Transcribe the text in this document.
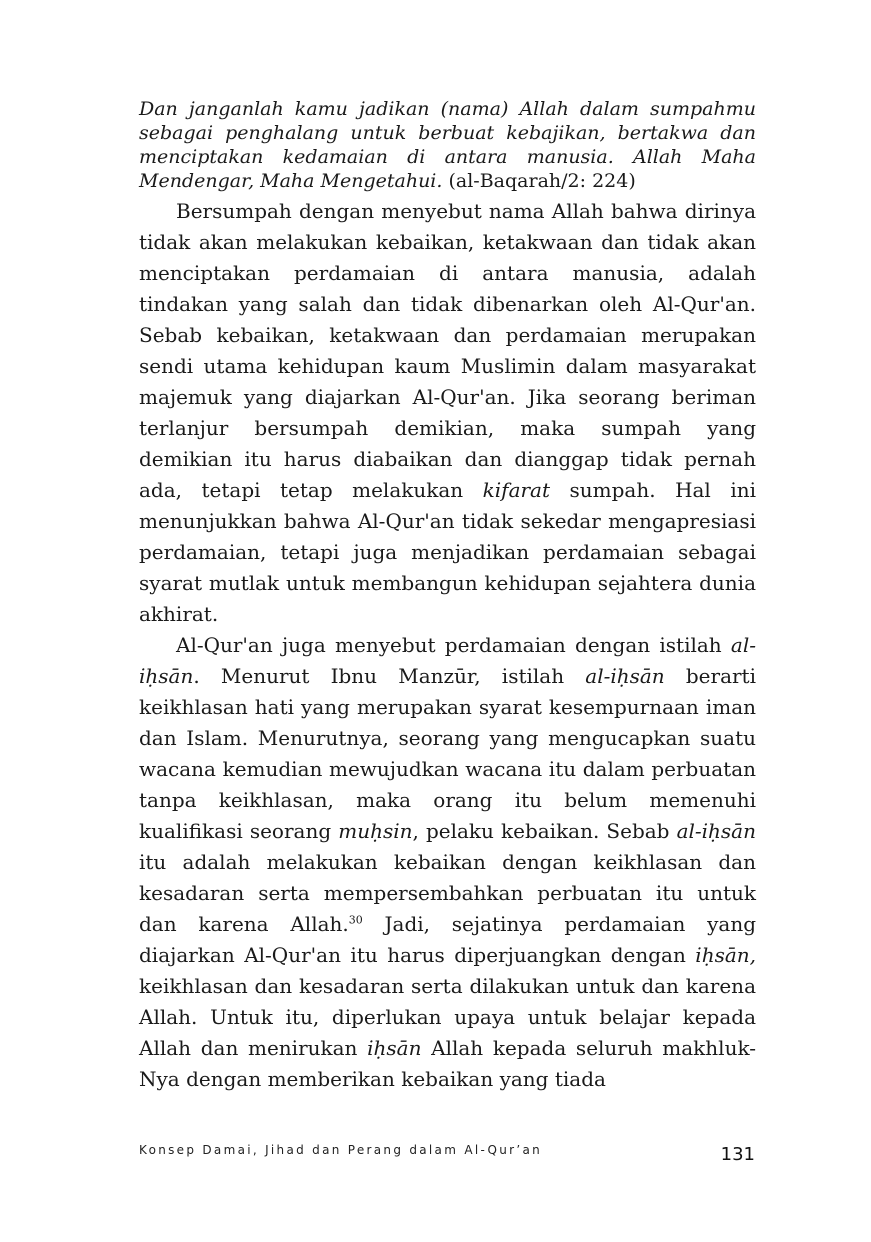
Dan janganlah kamu jadikan (nama) Allah dalam sumpahmu sebagai penghalang untuk berbuat kebajikan, bertakwa dan menciptakan kedamaian di antara manusia. Allah Maha Mendengar, Maha Mengetahui. (al-Baqarah/2: 224)

Bersumpah dengan menyebut nama Allah bahwa dirinya tidak akan melakukan kebaikan, ketakwaan dan tidak akan menciptakan perdamaian di antara manusia, adalah tindakan yang salah dan tidak dibenarkan oleh Al-Qur'an. Sebab kebaikan, ketakwaan dan perdamaian merupakan sendi utama kehidupan kaum Muslimin dalam masyarakat majemuk yang diajarkan Al-Qur'an. Jika seorang beriman terlanjur bersumpah demikian, maka sumpah yang demikian itu harus diabaikan dan dianggap tidak pernah ada, tetapi tetap melakukan kifarat sumpah. Hal ini menunjukkan bahwa Al-Qur'an tidak sekedar mengapresiasi perdamaian, tetapi juga menjadikan perdamaian sebagai syarat mutlak untuk membangun kehidupan sejahtera dunia akhirat.

Al-Qur'an juga menyebut perdamaian dengan istilah al-iḥsān. Menurut Ibnu Manzūr, istilah al-iḥsān berarti keikhlasan hati yang merupakan syarat kesempurnaan iman dan Islam. Menurutnya, seorang yang mengucapkan suatu wacana kemudian mewujudkan wacana itu dalam perbuatan tanpa keikhlasan, maka orang itu belum memenuhi kualifikasi seorang muḥsin, pelaku kebaikan. Sebab al-iḥsān itu adalah melakukan kebaikan dengan keikhlasan dan kesadaran serta mempersembahkan perbuatan itu untuk dan karena Allah.$^{30}$ Jadi, sejatinya perdamaian yang diajarkan Al-Qur'an itu harus diperjuangkan dengan iḥsān, keikhlasan dan kesadaran serta dilakukan untuk dan karena Allah. Untuk itu, diperlukan upaya untuk belajar kepada Allah dan menirukan iḥsān Allah kepada seluruh makhluk-Nya dengan memberikan kebaikan yang tiada

Konsep Damai, Jihad dan Perang dalam Al-Qur’an	131
